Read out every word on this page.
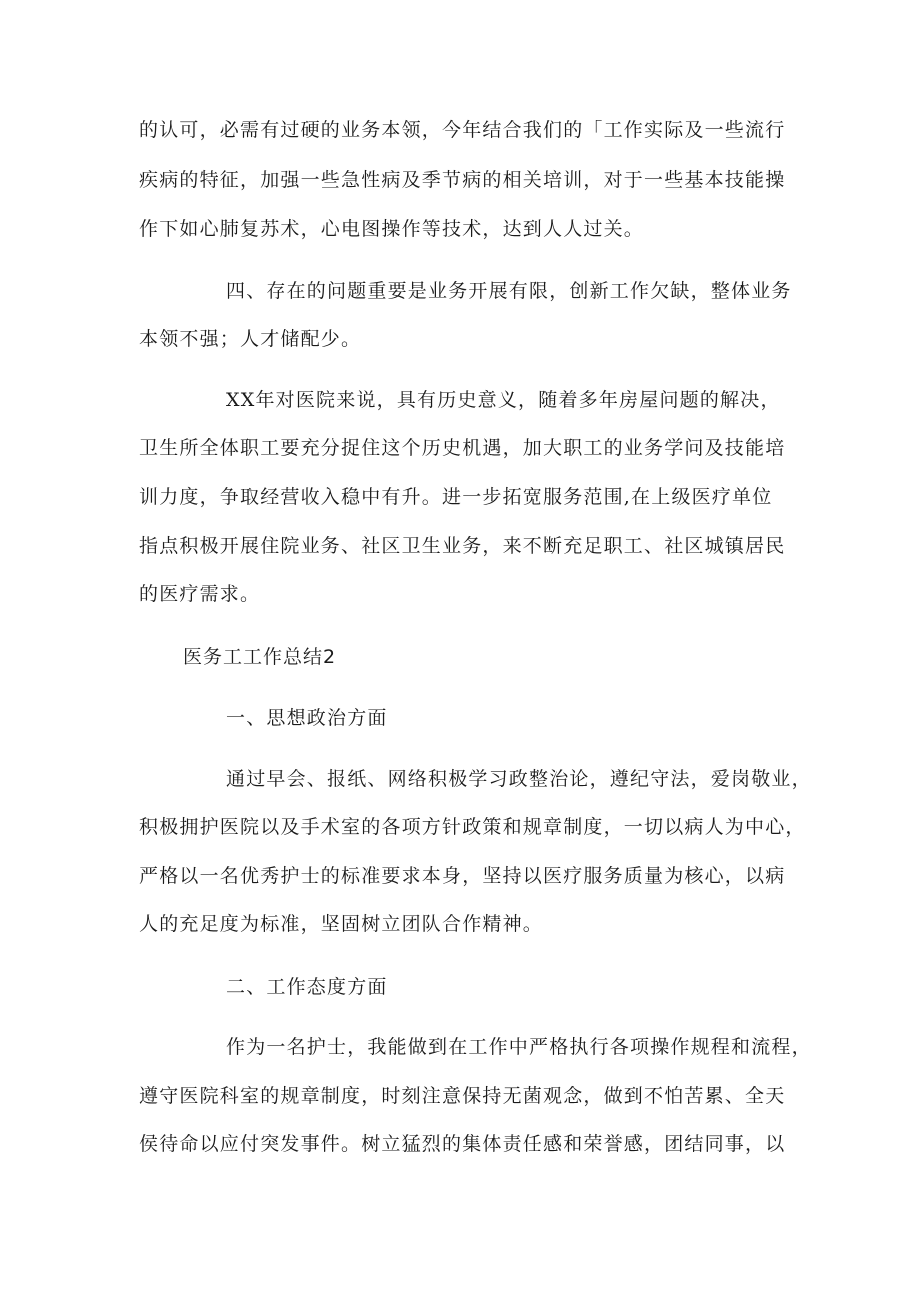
的认可，必需有过硬的业务本领，今年结合我们的「工作实际及一些流行
疾病的特征，加强一些急性病及季节病的相关培训，对于一些基本技能操
作下如心肺复苏术，心电图操作等技术，达到人人过关。
四、存在的问题重要是业务开展有限，创新工作欠缺，整体业务
本领不强；人才储配少。
XX年对医院来说，具有历史意义，随着多年房屋问题的解决，
卫生所全体职工要充分捉住这个历史机遇，加大职工的业务学问及技能培
训力度，争取经营收入稳中有升。进一步拓宽服务范围,在上级医疗单位
指点积极开展住院业务、社区卫生业务，来不断充足职工、社区城镇居民
的医疗需求。
医务工工作总结2
一、思想政治方面
通过早会、报纸、网络积极学习政整治论，遵纪守法，爱岗敬业，
积极拥护医院以及手术室的各项方针政策和规章制度，一切以病人为中心，
严格以一名优秀护士的标准要求本身，坚持以医疗服务质量为核心，以病
人的充足度为标准，坚固树立团队合作精神。
二、工作态度方面
作为一名护士，我能做到在工作中严格执行各项操作规程和流程，
遵守医院科室的规章制度，时刻注意保持无菌观念，做到不怕苦累、全天
侯待命以应付突发事件。树立猛烈的集体责任感和荣誉感，团结同事，以
